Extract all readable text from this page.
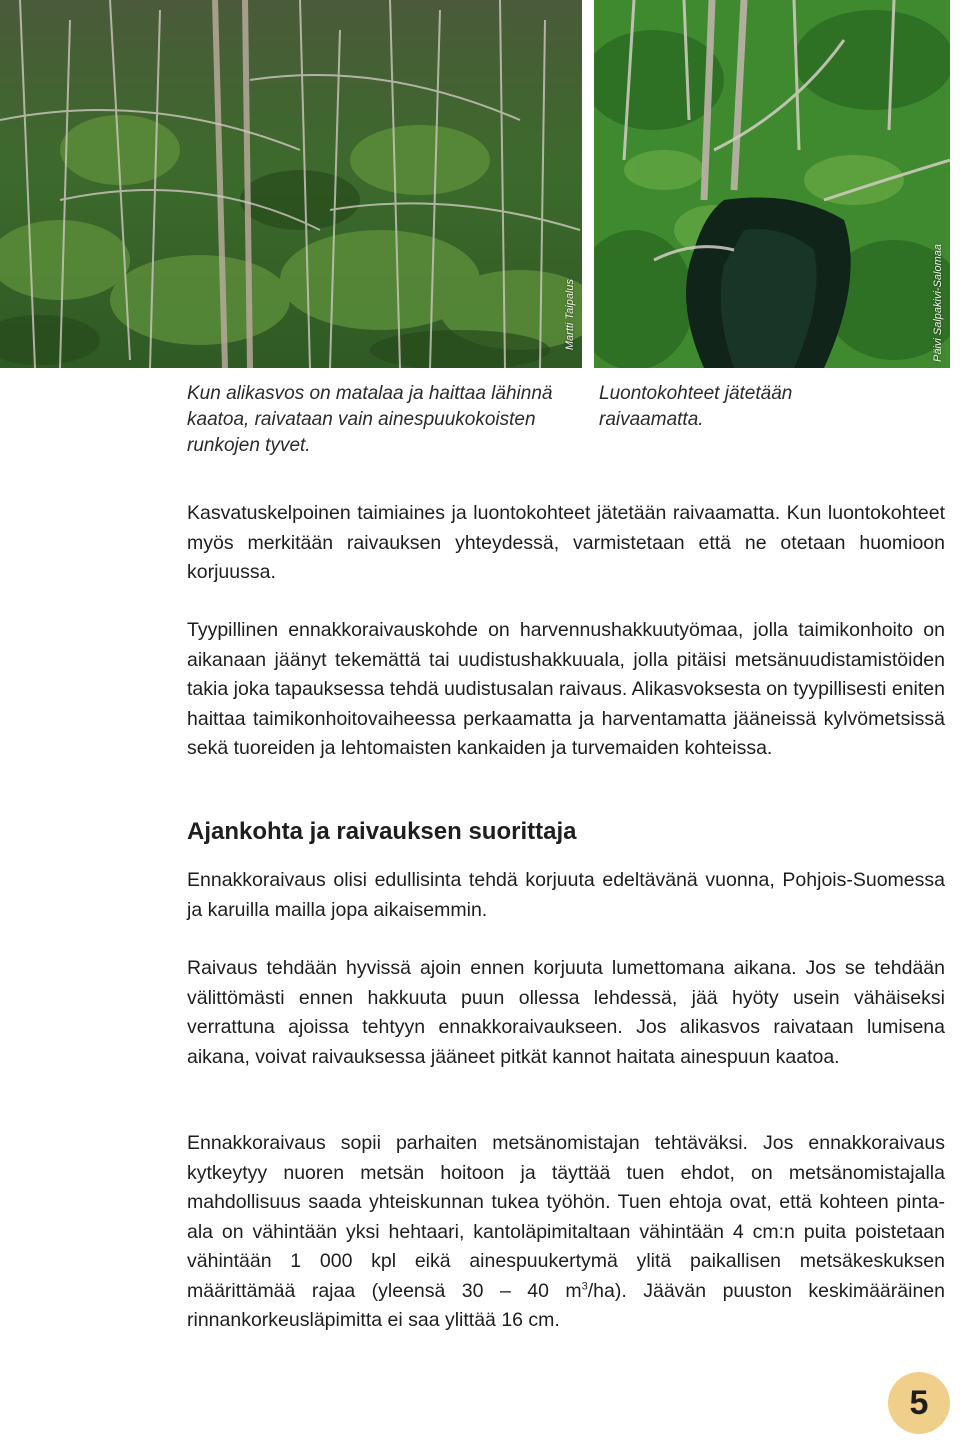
Martti Taipalus	Päivi Salpakivi-Salomaa

Kun alikasvos on matalaa ja haittaa lähinnä kaatoa, raivataan vain ainespuukokoisten runkojen tyvet.

Luontokohteet jätetään raivaamatta.

Kasvatuskelpoinen taimiaines ja luontokohteet jätetään raivaamatta. Kun luontokohteet myös merkitään raivauksen yhteydessä, varmistetaan että ne otetaan huomioon korjuussa.

Tyypillinen ennakkoraivauskohde on harvennushakkuutyömaa, jolla taimikonhoito on aikanaan jäänyt tekemättä tai uudistushakkuuala, jolla pitäisi metsänuudistamistöiden takia joka tapauksessa tehdä uudistusalan raivaus. Alikasvoksesta on tyypillisesti eniten haittaa taimikonhoitovaiheessa perkaamatta ja harventamatta jääneissä kylvömetsissä sekä tuoreiden ja lehtomaisten kankaiden ja turvemaiden kohteissa.

Ajankohta ja raivauksen suorittaja

Ennakkoraivaus olisi edullisinta tehdä korjuuta edeltävänä vuonna, Pohjois-Suomessa ja karuilla mailla jopa aikaisemmin.

Raivaus tehdään hyvissä ajoin ennen korjuuta lumettomana aikana. Jos se tehdään välittömästi ennen hakkuuta puun ollessa lehdessä, jää hyöty usein vähäiseksi verrattuna ajoissa tehtyyn ennakkoraivaukseen. Jos alikasvos raivataan lumisena aikana, voivat raivauksessa jääneet pitkät kannot haitata ainespuun kaatoa.

Ennakkoraivaus sopii parhaiten metsänomistajan tehtäväksi. Jos ennakkoraivaus kytkeytyy nuoren metsän hoitoon ja täyttää tuen ehdot, on metsänomistajalla mahdollisuus saada yhteiskunnan tukea työhön. Tuen ehtoja ovat, että kohteen pinta-ala on vähintään yksi hehtaari, kantoläpimitaltaan vähintään 4 cm:n puita poistetaan vähintään 1 000 kpl eikä ainespuukertymä ylitä paikallisen metsäkeskuksen määrittämää rajaa (yleensä 30 – 40 $m^3/ha$). Jäävän puuston keskimääräinen rinnankorkeusläpimitta ei saa ylittää 16 cm.

5
